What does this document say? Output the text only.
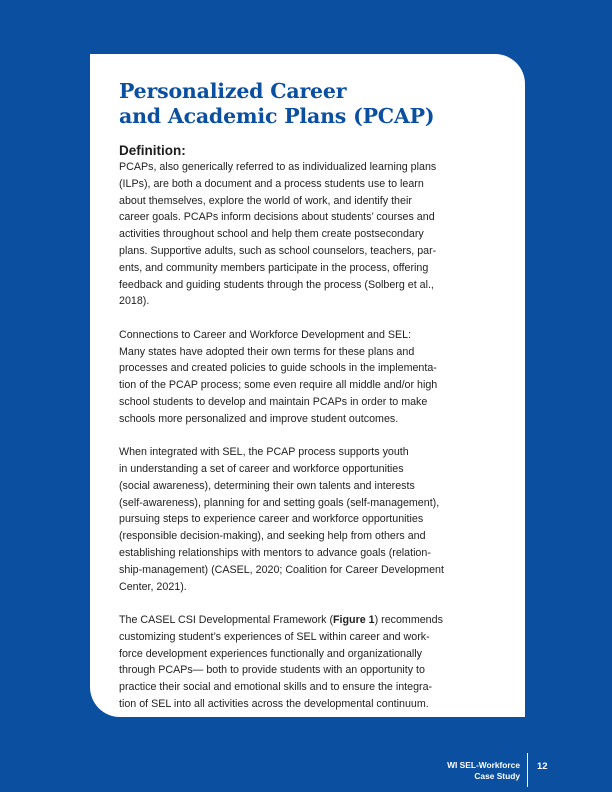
Personalized Career
and Academic Plans (PCAP)
Definition:

PCAPs, also generically referred to as individualized learning plans
(ILPs), are both a document and a process students use to learn
about themselves, explore the world of work, and identify their
career goals. PCAPs inform decisions about students’ courses and
activities throughout school and help them create postsecondary
plans. Supportive adults, such as school counselors, teachers, par-
ents, and community members participate in the process, offering
feedback and guiding students through the process (Solberg et al.,
2018).

Connections to Career and Workforce Development and SEL:
Many states have adopted their own terms for these plans and
processes and created policies to guide schools in the implementa-
tion of the PCAP process; some even require all middle and/or high
school students to develop and maintain PCAPs in order to make
schools more personalized and improve student outcomes.

When integrated with SEL, the PCAP process supports youth
in understanding a set of career and workforce opportunities
(social awareness), determining their own talents and interests
(self-awareness), planning for and setting goals (self-management),
pursuing steps to experience career and workforce opportunities
(responsible decision-making), and seeking help from others and
establishing relationships with mentors to advance goals (relation-
ship-management) (CASEL, 2020; Coalition for Career Development
Center, 2021).

The CASEL CSI Developmental Framework (Figure 1) recommends
customizing student’s experiences of SEL within career and work-
force development experiences functionally and organizationally
through PCAPs— both to provide students with an opportunity to
practice their social and emotional skills and to ensure the integra-
tion of SEL into all activities across the developmental continuum.

WI SEL-Workforce
Case Study
12
